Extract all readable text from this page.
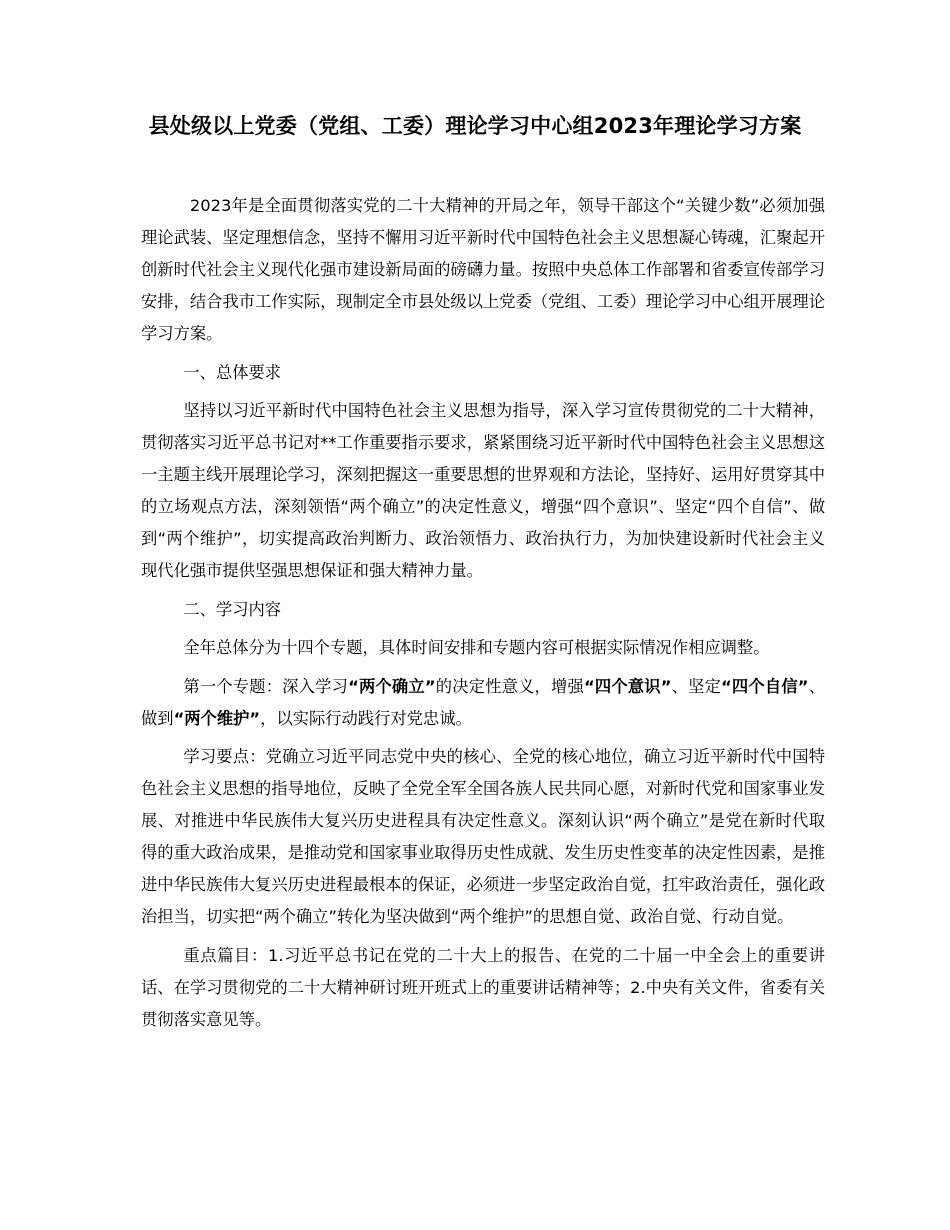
县处级以上党委（党组、工委）理论学习中心组2023年理论学习方案

2023年是全面贯彻落实党的二十大精神的开局之年，领导干部这个“关键少数”必须加强理论武装、坚定理想信念，坚持不懈用习近平新时代中国特色社会主义思想凝心铸魂，汇聚起开创新时代社会主义现代化强市建设新局面的磅礴力量。按照中央总体工作部署和省委宣传部学习安排，结合我市工作实际，现制定全市县处级以上党委（党组、工委）理论学习中心组开展理论学习方案。

一、总体要求

坚持以习近平新时代中国特色社会主义思想为指导，深入学习宣传贯彻党的二十大精神，贯彻落实习近平总书记对**工作重要指示要求，紧紧围绕习近平新时代中国特色社会主义思想这一主题主线开展理论学习，深刻把握这一重要思想的世界观和方法论，坚持好、运用好贯穿其中的立场观点方法，深刻领悟“两个确立”的决定性意义，增强“四个意识”、坚定“四个自信”、做到“两个维护”，切实提高政治判断力、政治领悟力、政治执行力，为加快建设新时代社会主义现代化强市提供坚强思想保证和强大精神力量。

二、学习内容

全年总体分为十四个专题，具体时间安排和专题内容可根据实际情况作相应调整。

第一个专题：深入学习“两个确立”的决定性意义，增强“四个意识”、坚定“四个自信”、做到“两个维护”，以实际行动践行对党忠诚。

学习要点：党确立习近平同志党中央的核心、全党的核心地位，确立习近平新时代中国特色社会主义思想的指导地位，反映了全党全军全国各族人民共同心愿，对新时代党和国家事业发展、对推进中华民族伟大复兴历史进程具有决定性意义。深刻认识“两个确立”是党在新时代取得的重大政治成果，是推动党和国家事业取得历史性成就、发生历史性变革的决定性因素，是推进中华民族伟大复兴历史进程最根本的保证，必须进一步坚定政治自觉，扛牢政治责任，强化政治担当，切实把“两个确立”转化为坚决做到“两个维护”的思想自觉、政治自觉、行动自觉。

重点篇目：1.习近平总书记在党的二十大上的报告、在党的二十届一中全会上的重要讲话、在学习贯彻党的二十大精神研讨班开班式上的重要讲话精神等；2.中央有关文件，省委有关贯彻落实意见等。
